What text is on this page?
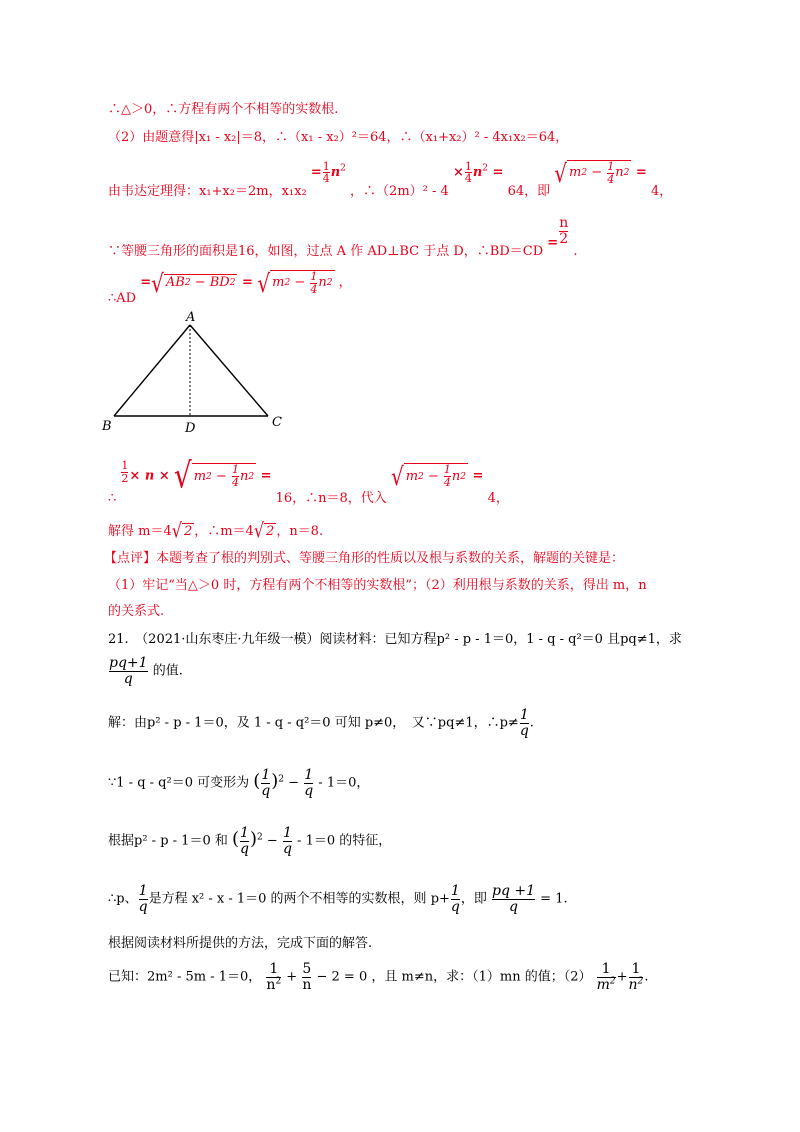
∴△＞0，∴方程有两个不相等的实数根.
（2）由题意得|x₁ - x₂|＝8，∴（x₁ - x₂）²＝64，∴（x₁+x₂）² - 4x₁x₂＝64，
由韦达定理得：x₁+x₂＝2m，$x_1x_2 = \frac{1}{4} n^2$ ，∴（2m）² - $4 \times \frac{1}{4} n^2 = 64$，即
√ m 2 − 1
4 n 2 = 4，
∵等腰三角形的面积是16，如图，过点 A 作 AD⊥BC 于点 D，∴BD＝CD = $\frac{n}{2}$
.
∴AD = √ AB 2 − BD 2 = √ m 2 − 1
4 n 2 ，
A
B	C
D
∴
$\frac{1}{2} \times n$ × √ m 2 − 1
4 n 2 = 16，∴n＝8，代入
√ m 2 − 1
4 n 2 = 4，
解得 m＝4 √ 2 ，∴m＝4 √ 2 ，n＝8.
【点评】本题考查了根的判别式、等腰三角形的性质以及根与系数的关系，解题的关键是：
（1）牢记“当△＞0 时，方程有两个不相等的实数根”；（2）利用根与系数的关系，得出 m，n
的关系式.
21.　（2021·山东枣庄·九年级一模）阅读材料：已知方程p² - p - 1＝0，1 - q - q²＝0 且pq≠1，求
$\frac{pq+1}{q}$ 的值.
解：由p² - p - 1＝0，及 1 - q - q²＝0 可知 p≠0，　又∵pq≠1，∴p≠ $\frac{1}{q}$ .
∵1 - q - q²＝0 可变形为 ( $\frac{1}{q} )^2 - \frac{1}{q} - 1=0$，
根据p² - p - 1＝0 和 ( $\frac{1}{q} )^2 - \frac{1}{q} - 1=0$ 的特征，
∴p、 $\frac{1}{q}$ 是方程 x² - x - 1＝0 的两个不相等的实数根，则 $p+ \frac{1}{q}$ ，即 $\frac{pq +1}{q} = 1$.
根据阅读材料所提供的方法，完成下面的解答.
已知：2m² - 5m - 1＝0， $\frac{1}{n^2} + \frac{5}{n} - 2 = 0$ ，且 m≠n，求：（1）mn 的值；$(2) \frac{1}{m^2} + \frac{1}{n^2}$ .
